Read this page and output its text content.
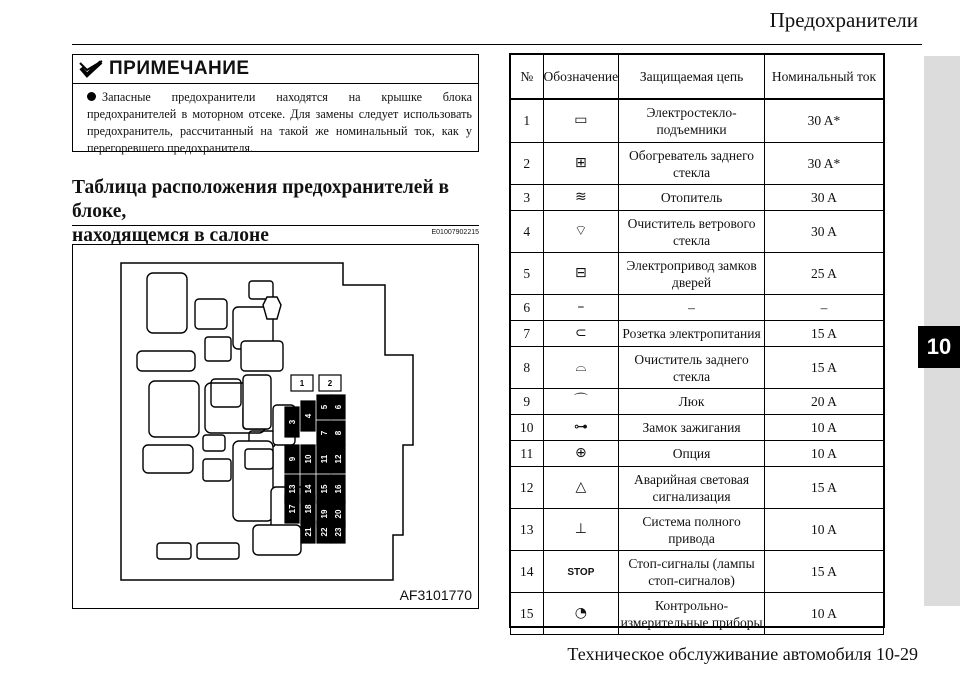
Предохранители
10
ПРИМЕЧАНИЕ
Запасные предохранители находятся на крышке блока предохранителей в моторном отсеке. Для замены следует использовать предохранитель, рассчитанный на такой же номинальный ток, как у перегоревшего предохранителя.
Таблица расположения предохранителей в блоке,
находящемся в салоне	E01007902215
1	2
3
4
5 6
7 8
9 10 11 12
13 14 15 16
17 18
19 20
21 22 23
AF3101770
№	Обозначение	Защищаемая цепь	Номинальный ток
1	▭	Электростекло-подъемники	30 A*
2	⊞	Обогреватель заднего стекла	30 A*
3	≋	Отопитель	30 A
4	⌔	Очиститель ветрового стекла	30 A
5	⊟	Электропривод замков дверей	25 A
6	–	–	–
7	⊂	Розетка электропитания	15 A
8	⌓	Очиститель заднего стекла	15 A
9	⌒	Люк	20 A
10	⊶	Замок зажигания	10 A
11	⊕	Опция	10 A
12	△	Аварийная световая сигнализация	15 A
13	⊥	Система полного привода	10 A
14	STOP	Стоп-сигналы (лампы стоп-сигналов)	15 A
15	◔	Контрольно-измерительные приборы	10 A
Техническое обслуживание автомобиля 10-29
